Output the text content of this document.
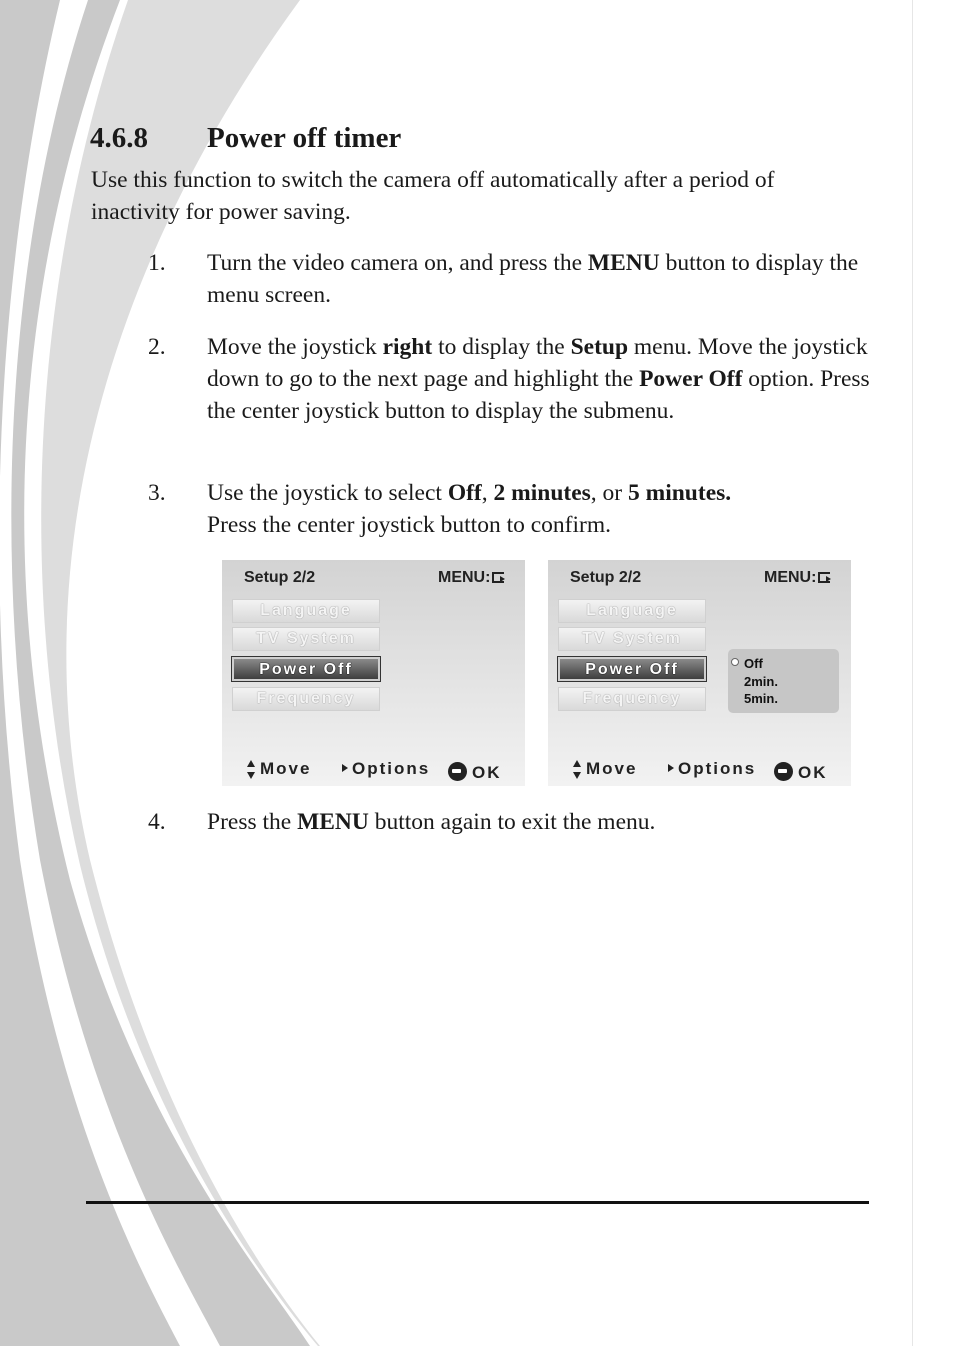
4.6.8 Power off timer

Use this function to switch the camera off automatically after a period of inactivity for power saving.

1. Turn the video camera on, and press the MENU button to display the menu screen.
2. Move the joystick right to display the Setup menu. Move the joystick down to go to the next page and highlight the Power Off option. Press the center joystick button to display the submenu.
3. Use the joystick to select Off, 2 minutes, or 5 minutes.
Press the center joystick button to confirm.
Setup 2/2	MENU:
Language
TV System
Power Off
Frequency
Move	Options	OK
Setup 2/2	MENU:
Language
TV System
Power Off
Frequency
Off
2min.
5min.
Move	Options	OK
4. Press the MENU button again to exit the menu.
